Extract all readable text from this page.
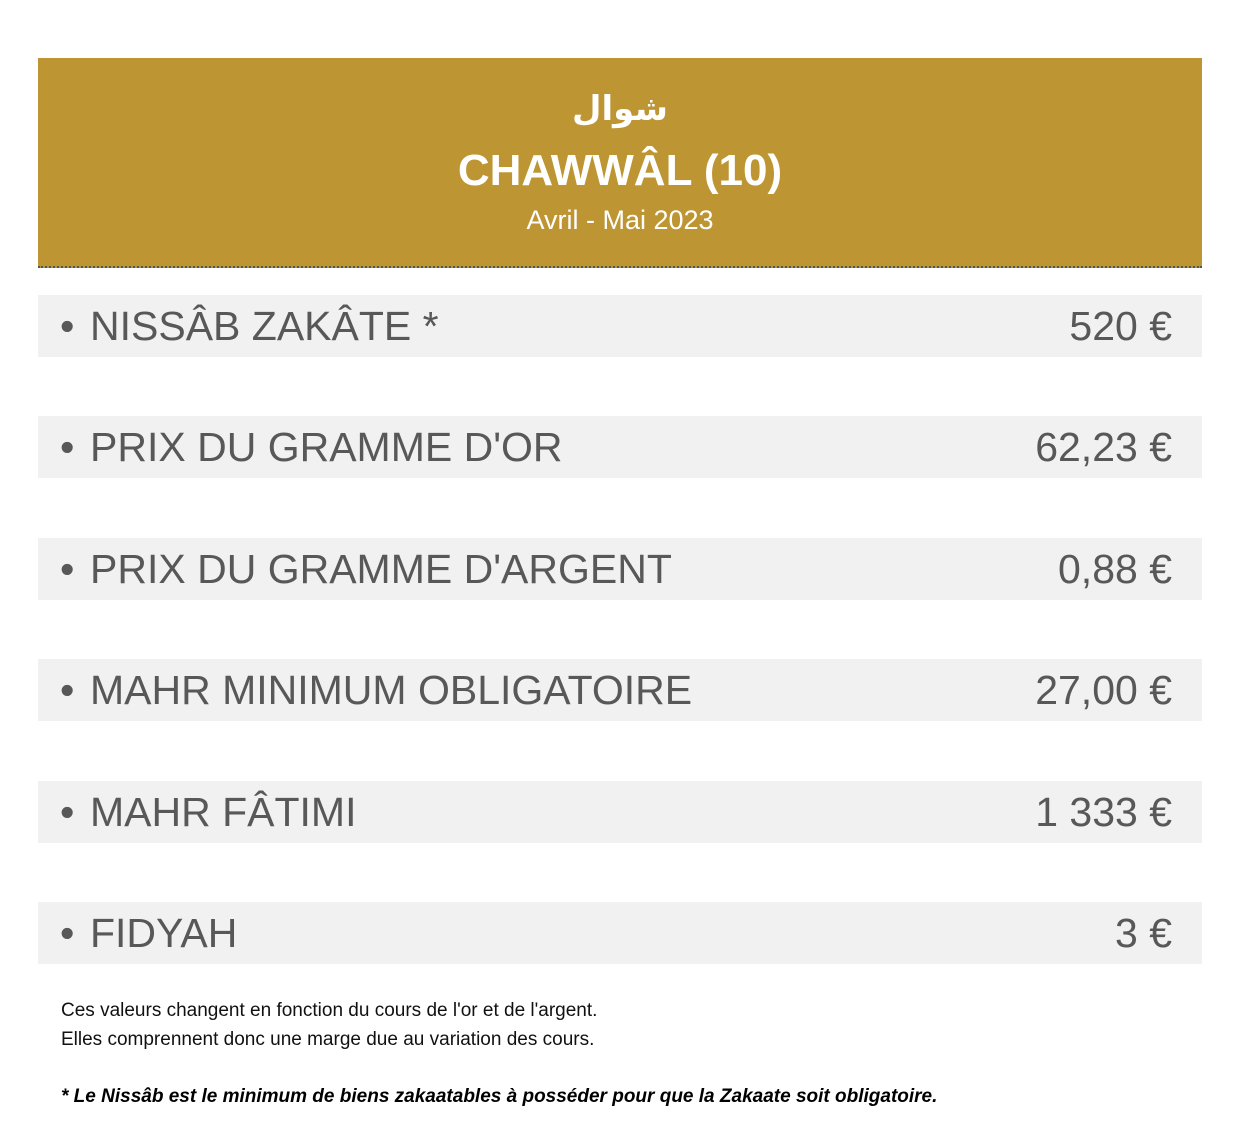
شوال
CHAWWÂL (10)
Avril - Mai 2023
• NISSÂB ZAKÂTE *	520 €
• PRIX DU GRAMME D'OR	62,23 €
• PRIX DU GRAMME D'ARGENT	0,88 €
• MAHR MINIMUM OBLIGATOIRE	27,00 €
• MAHR FÂTIMI	1 333 €
• FIDYAH	3 €
Ces valeurs changent en fonction du cours de l'or et de l'argent.
Elles comprennent donc une marge due au variation des cours.
* Le Nissâb est le minimum de biens zakaatables à posséder pour que la Zakaate soit obligatoire.
